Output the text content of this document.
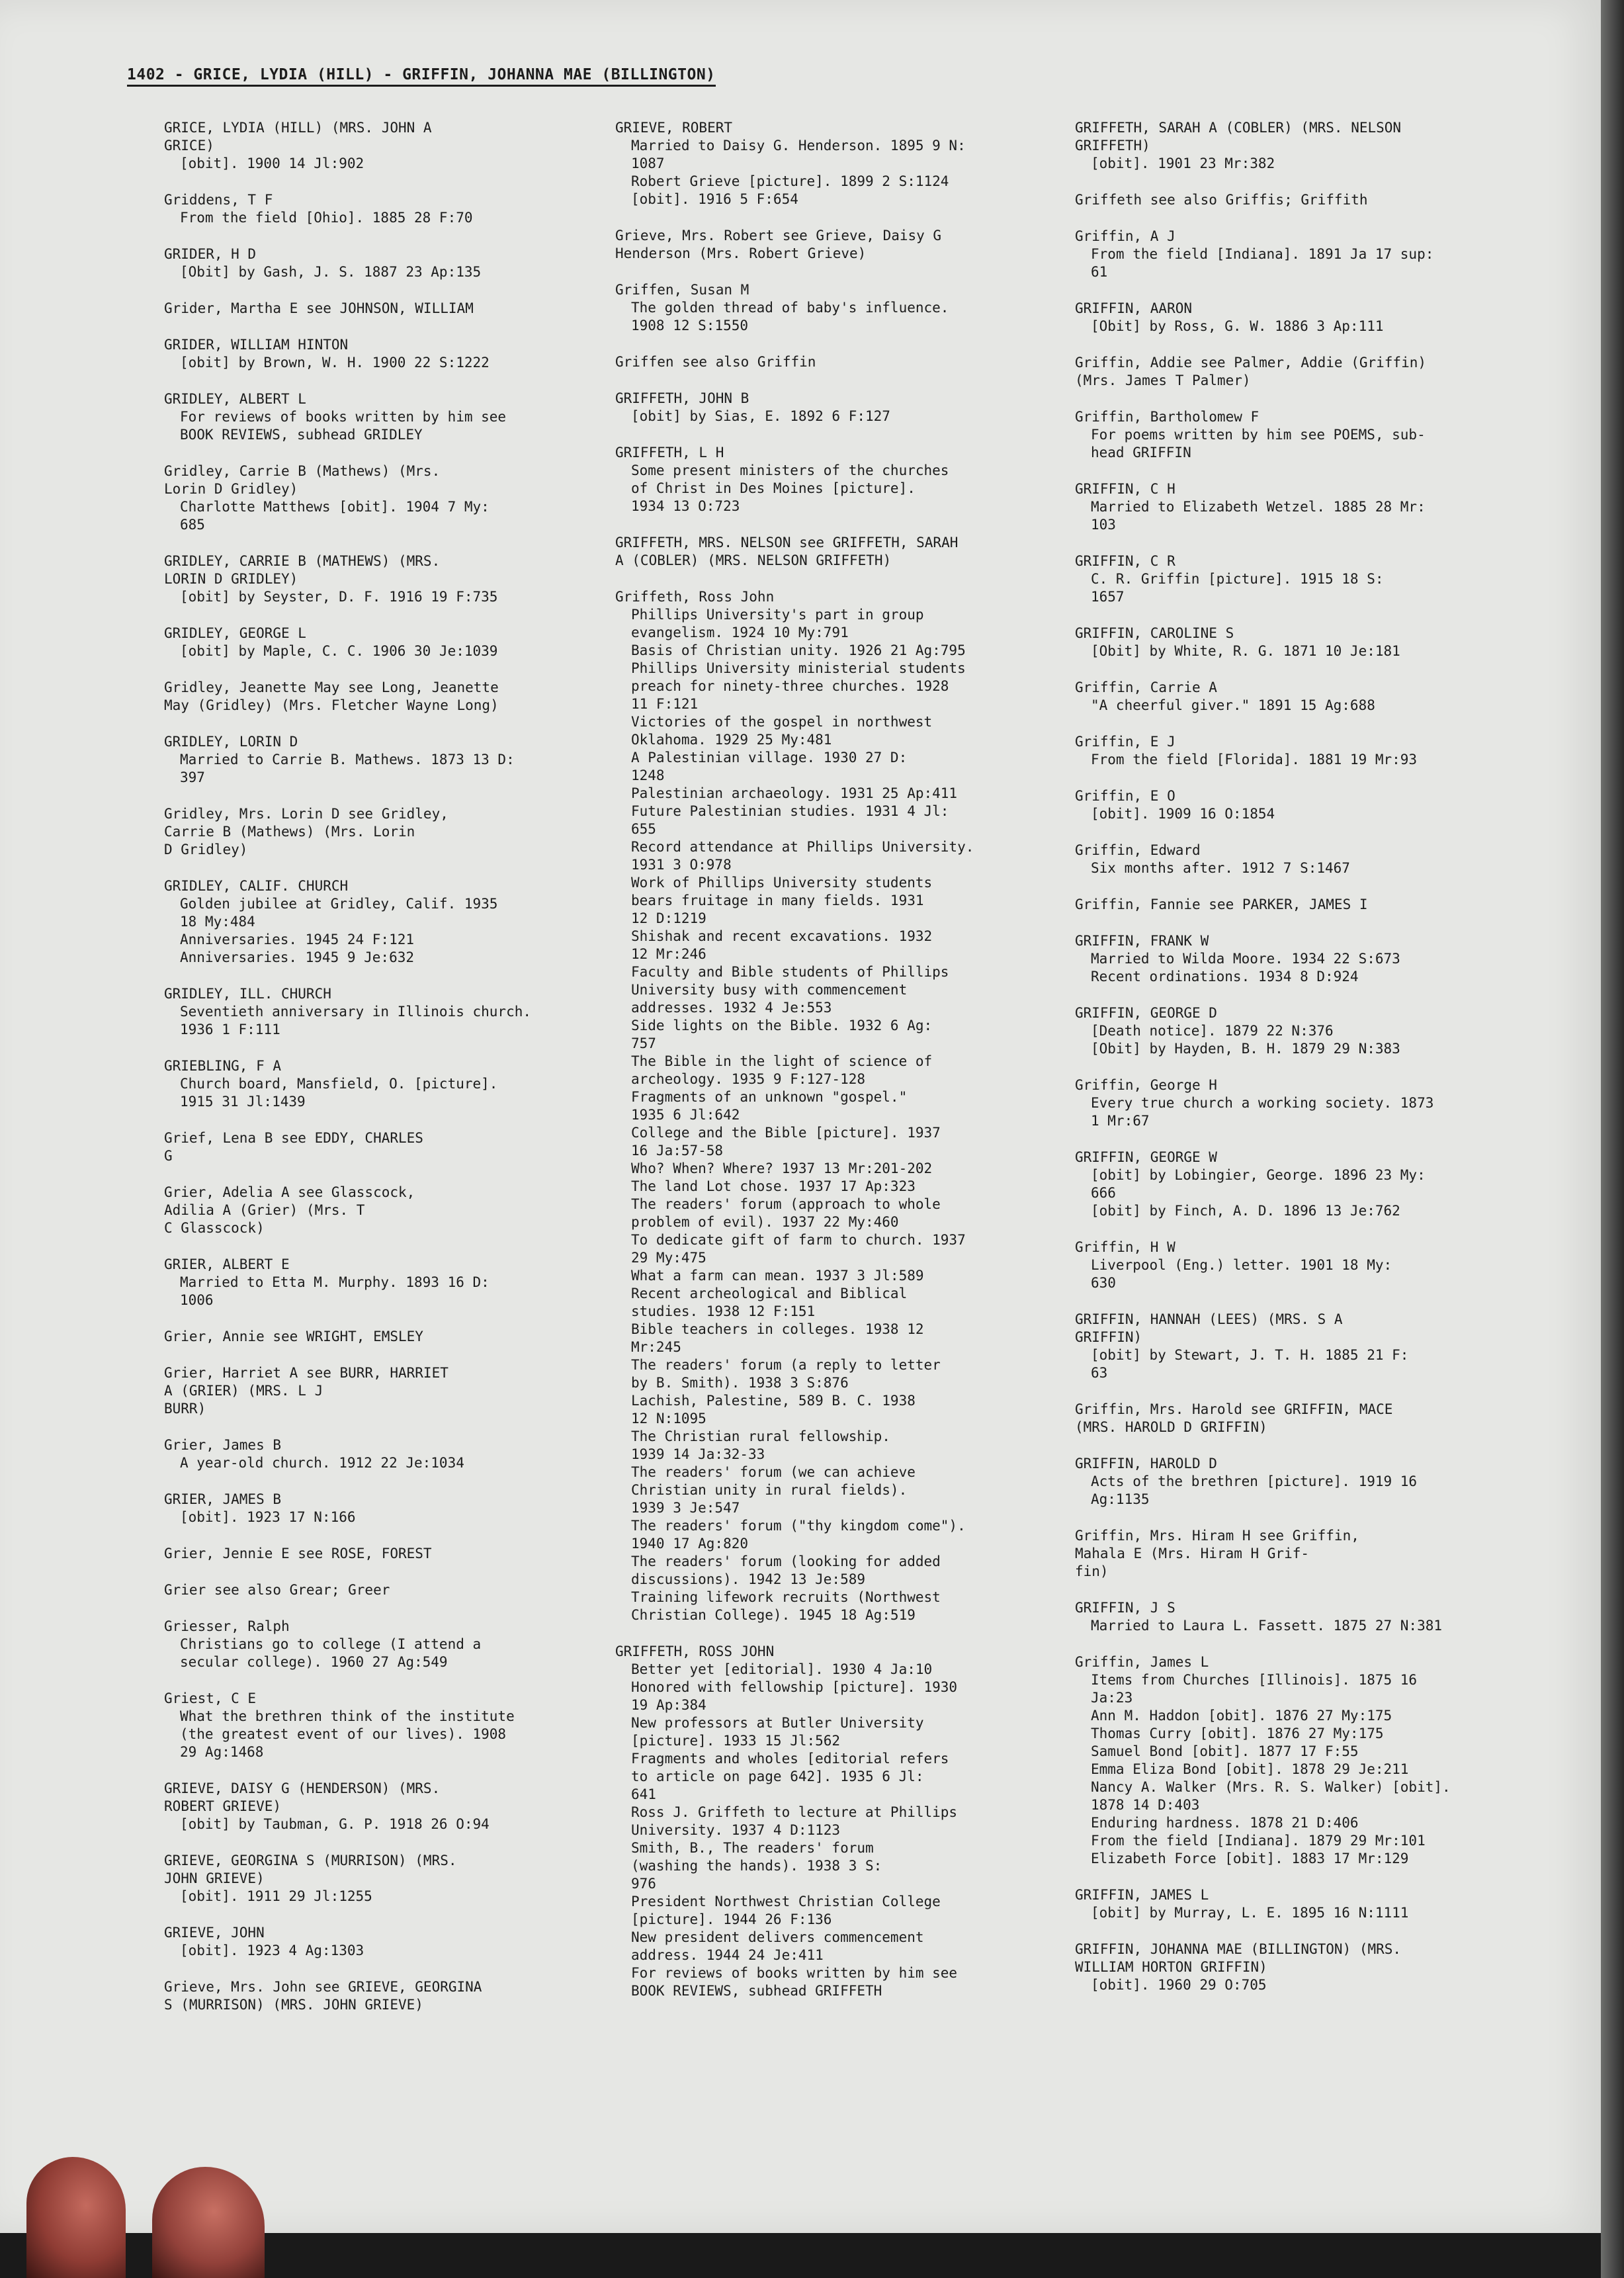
1402 - GRICE, LYDIA (HILL) - GRIFFIN, JOHANNA MAE (BILLINGTON)
GRICE, LYDIA (HILL) (MRS. JOHN A
GRICE)
[obit]. 1900 14 Jl:902
Griddens, T F
From the field [Ohio]. 1885 28 F:70
GRIDER, H D
[Obit] by Gash, J. S. 1887 23 Ap:135
Grider, Martha E see JOHNSON, WILLIAM
GRIDER, WILLIAM HINTON
[obit] by Brown, W. H. 1900 22 S:1222
GRIDLEY, ALBERT L
For reviews of books written by him see
BOOK REVIEWS, subhead GRIDLEY
Gridley, Carrie B (Mathews) (Mrs.
Lorin D Gridley)
Charlotte Matthews [obit]. 1904 7 My:
685
GRIDLEY, CARRIE B (MATHEWS) (MRS.
LORIN D GRIDLEY)
[obit] by Seyster, D. F. 1916 19 F:735
GRIDLEY, GEORGE L
[obit] by Maple, C. C. 1906 30 Je:1039
Gridley, Jeanette May see Long, Jeanette
May (Gridley) (Mrs. Fletcher Wayne Long)
GRIDLEY, LORIN D
Married to Carrie B. Mathews. 1873 13 D:
397
Gridley, Mrs. Lorin D see Gridley,
Carrie B (Mathews) (Mrs. Lorin
D Gridley)
GRIDLEY, CALIF. CHURCH
Golden jubilee at Gridley, Calif. 1935
18 My:484
Anniversaries. 1945 24 F:121
Anniversaries. 1945 9 Je:632
GRIDLEY, ILL. CHURCH
Seventieth anniversary in Illinois church.
1936 1 F:111
GRIEBLING, F A
Church board, Mansfield, O. [picture].
1915 31 Jl:1439
Grief, Lena B see EDDY, CHARLES
G
Grier, Adelia A see Glasscock,
Adilia A (Grier) (Mrs. T
C Glasscock)
GRIER, ALBERT E
Married to Etta M. Murphy. 1893 16 D:
1006
Grier, Annie see WRIGHT, EMSLEY
Grier, Harriet A see BURR, HARRIET
A (GRIER) (MRS. L J
BURR)
Grier, James B
A year-old church. 1912 22 Je:1034
GRIER, JAMES B
[obit]. 1923 17 N:166
Grier, Jennie E see ROSE, FOREST
Grier see also Grear; Greer
Griesser, Ralph
Christians go to college (I attend a
secular college). 1960 27 Ag:549
Griest, C E
What the brethren think of the institute
(the greatest event of our lives). 1908
29 Ag:1468
GRIEVE, DAISY G (HENDERSON) (MRS.
ROBERT GRIEVE)
[obit] by Taubman, G. P. 1918 26 O:94
GRIEVE, GEORGINA S (MURRISON) (MRS.
JOHN GRIEVE)
[obit]. 1911 29 Jl:1255
GRIEVE, JOHN
[obit]. 1923 4 Ag:1303
Grieve, Mrs. John see GRIEVE, GEORGINA
S (MURRISON) (MRS. JOHN GRIEVE)
GRIEVE, ROBERT
Married to Daisy G. Henderson. 1895 9 N:
1087
Robert Grieve [picture]. 1899 2 S:1124
[obit]. 1916 5 F:654
Grieve, Mrs. Robert see Grieve, Daisy G
Henderson (Mrs. Robert Grieve)
Griffen, Susan M
The golden thread of baby's influence.
1908 12 S:1550
Griffen see also Griffin
GRIFFETH, JOHN B
[obit] by Sias, E. 1892 6 F:127
GRIFFETH, L H
Some present ministers of the churches
of Christ in Des Moines [picture].
1934 13 O:723
GRIFFETH, MRS. NELSON see GRIFFETH, SARAH
A (COBLER) (MRS. NELSON GRIFFETH)
Griffeth, Ross John
Phillips University's part in group
evangelism. 1924 10 My:791
Basis of Christian unity. 1926 21 Ag:795
Phillips University ministerial students
preach for ninety-three churches. 1928
11 F:121
Victories of the gospel in northwest
Oklahoma. 1929 25 My:481
A Palestinian village. 1930 27 D:
1248
Palestinian archaeology. 1931 25 Ap:411
Future Palestinian studies. 1931 4 Jl:
655
Record attendance at Phillips University.
1931 3 O:978
Work of Phillips University students
bears fruitage in many fields. 1931
12 D:1219
Shishak and recent excavations. 1932
12 Mr:246
Faculty and Bible students of Phillips
University busy with commencement
addresses. 1932 4 Je:553
Side lights on the Bible. 1932 6 Ag:
757
The Bible in the light of science of
archeology. 1935 9 F:127-128
Fragments of an unknown "gospel."
1935 6 Jl:642
College and the Bible [picture]. 1937
16 Ja:57-58
Who? When? Where? 1937 13 Mr:201-202
The land Lot chose. 1937 17 Ap:323
The readers' forum (approach to whole
problem of evil). 1937 22 My:460
To dedicate gift of farm to church. 1937
29 My:475
What a farm can mean. 1937 3 Jl:589
Recent archeological and Biblical
studies. 1938 12 F:151
Bible teachers in colleges. 1938 12
Mr:245
The readers' forum (a reply to letter
by B. Smith). 1938 3 S:876
Lachish, Palestine, 589 B. C. 1938
12 N:1095
The Christian rural fellowship.
1939 14 Ja:32-33
The readers' forum (we can achieve
Christian unity in rural fields).
1939 3 Je:547
The readers' forum ("thy kingdom come").
1940 17 Ag:820
The readers' forum (looking for added
discussions). 1942 13 Je:589
Training lifework recruits (Northwest
Christian College). 1945 18 Ag:519
GRIFFETH, ROSS JOHN
Better yet [editorial]. 1930 4 Ja:10
Honored with fellowship [picture]. 1930
19 Ap:384
New professors at Butler University
[picture]. 1933 15 Jl:562
Fragments and wholes [editorial refers
to article on page 642]. 1935 6 Jl:
641
Ross J. Griffeth to lecture at Phillips
University. 1937 4 D:1123
Smith, B., The readers' forum
(washing the hands). 1938 3 S:
976
President Northwest Christian College
[picture]. 1944 26 F:136
New president delivers commencement
address. 1944 24 Je:411
For reviews of books written by him see
BOOK REVIEWS, subhead GRIFFETH
GRIFFETH, SARAH A (COBLER) (MRS. NELSON
GRIFFETH)
[obit]. 1901 23 Mr:382
Griffeth see also Griffis; Griffith
Griffin, A J
From the field [Indiana]. 1891 Ja 17 sup:
61
GRIFFIN, AARON
[Obit] by Ross, G. W. 1886 3 Ap:111
Griffin, Addie see Palmer, Addie (Griffin)
(Mrs. James T Palmer)
Griffin, Bartholomew F
For poems written by him see POEMS, sub-
head GRIFFIN
GRIFFIN, C H
Married to Elizabeth Wetzel. 1885 28 Mr:
103
GRIFFIN, C R
C. R. Griffin [picture]. 1915 18 S:
1657
GRIFFIN, CAROLINE S
[Obit] by White, R. G. 1871 10 Je:181
Griffin, Carrie A
"A cheerful giver." 1891 15 Ag:688
Griffin, E J
From the field [Florida]. 1881 19 Mr:93
Griffin, E O
[obit]. 1909 16 O:1854
Griffin, Edward
Six months after. 1912 7 S:1467
Griffin, Fannie see PARKER, JAMES I
GRIFFIN, FRANK W
Married to Wilda Moore. 1934 22 S:673
Recent ordinations. 1934 8 D:924
GRIFFIN, GEORGE D
[Death notice]. 1879 22 N:376
[Obit] by Hayden, B. H. 1879 29 N:383
Griffin, George H
Every true church a working society. 1873
1 Mr:67
GRIFFIN, GEORGE W
[obit] by Lobingier, George. 1896 23 My:
666
[obit] by Finch, A. D. 1896 13 Je:762
Griffin, H W
Liverpool (Eng.) letter. 1901 18 My:
630
GRIFFIN, HANNAH (LEES) (MRS. S A
GRIFFIN)
[obit] by Stewart, J. T. H. 1885 21 F:
63
Griffin, Mrs. Harold see GRIFFIN, MACE
(MRS. HAROLD D GRIFFIN)
GRIFFIN, HAROLD D
Acts of the brethren [picture]. 1919 16
Ag:1135
Griffin, Mrs. Hiram H see Griffin,
Mahala E (Mrs. Hiram H Grif-
fin)
GRIFFIN, J S
Married to Laura L. Fassett. 1875 27 N:381
Griffin, James L
Items from Churches [Illinois]. 1875 16
Ja:23
Ann M. Haddon [obit]. 1876 27 My:175
Thomas Curry [obit]. 1876 27 My:175
Samuel Bond [obit]. 1877 17 F:55
Emma Eliza Bond [obit]. 1878 29 Je:211
Nancy A. Walker (Mrs. R. S. Walker) [obit].
1878 14 D:403
Enduring hardness. 1878 21 D:406
From the field [Indiana]. 1879 29 Mr:101
Elizabeth Force [obit]. 1883 17 Mr:129
GRIFFIN, JAMES L
[obit] by Murray, L. E. 1895 16 N:1111
GRIFFIN, JOHANNA MAE (BILLINGTON) (MRS.
WILLIAM HORTON GRIFFIN)
[obit]. 1960 29 O:705
